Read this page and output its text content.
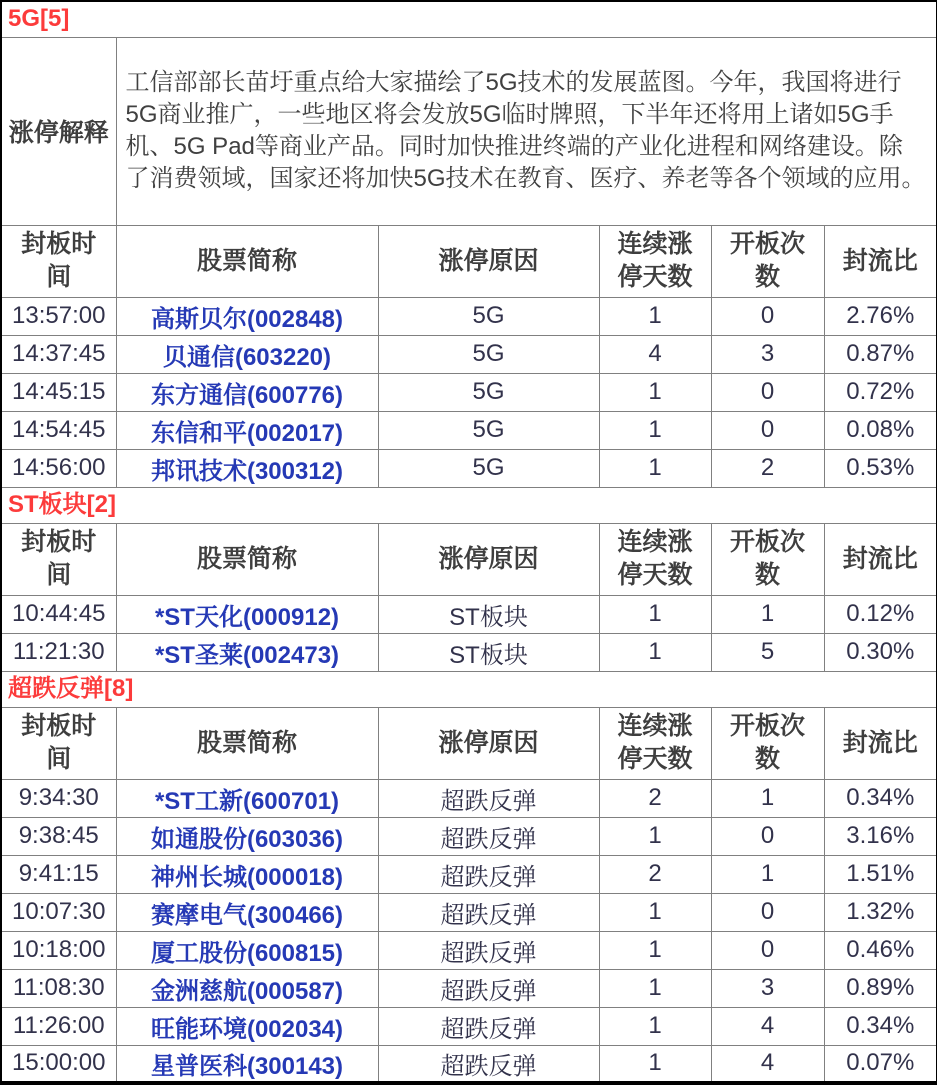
5G[5]					
涨停解释	工信部部长苗圩重点给大家描绘了5G技术的发展蓝图。今年，我国将进行5G商业推广，一些地区将会发放5G临时牌照，下半年还将用上诸如5G手机、5G Pad等商业产品。同时加快推进终端的产业化进程和网络建设。除了消费领域，国家还将加快5G技术在教育、医疗、养老等各个领域的应用。				
封板时间	股票简称	涨停原因	连续涨停天数	开板次数	封流比
13:57:00	高斯贝尔(002848)	5G	1	0	2.76%
14:37:45	贝通信(603220)	5G	4	3	0.87%
14:45:15	东方通信(600776)	5G	1	0	0.72%
14:54:45	东信和平(002017)	5G	1	0	0.08%
14:56:00	邦讯技术(300312)	5G	1	2	0.53%
ST板块[2]					
封板时间	股票简称	涨停原因	连续涨停天数	开板次数	封流比
10:44:45	*ST天化(000912)	ST板块	1	1	0.12%
11:21:30	*ST圣莱(002473)	ST板块	1	5	0.30%
超跌反弹[8]					
封板时间	股票简称	涨停原因	连续涨停天数	开板次数	封流比
9:34:30	*ST工新(600701)	超跌反弹	2	1	0.34%
9:38:45	如通股份(603036)	超跌反弹	1	0	3.16%
9:41:15	神州长城(000018)	超跌反弹	2	1	1.51%
10:07:30	赛摩电气(300466)	超跌反弹	1	0	1.32%
10:18:00	厦工股份(600815)	超跌反弹	1	0	0.46%
11:08:30	金洲慈航(000587)	超跌反弹	1	3	0.89%
11:26:00	旺能环境(002034)	超跌反弹	1	4	0.34%
15:00:00	星普医科(300143)	超跌反弹	1	4	0.07%
